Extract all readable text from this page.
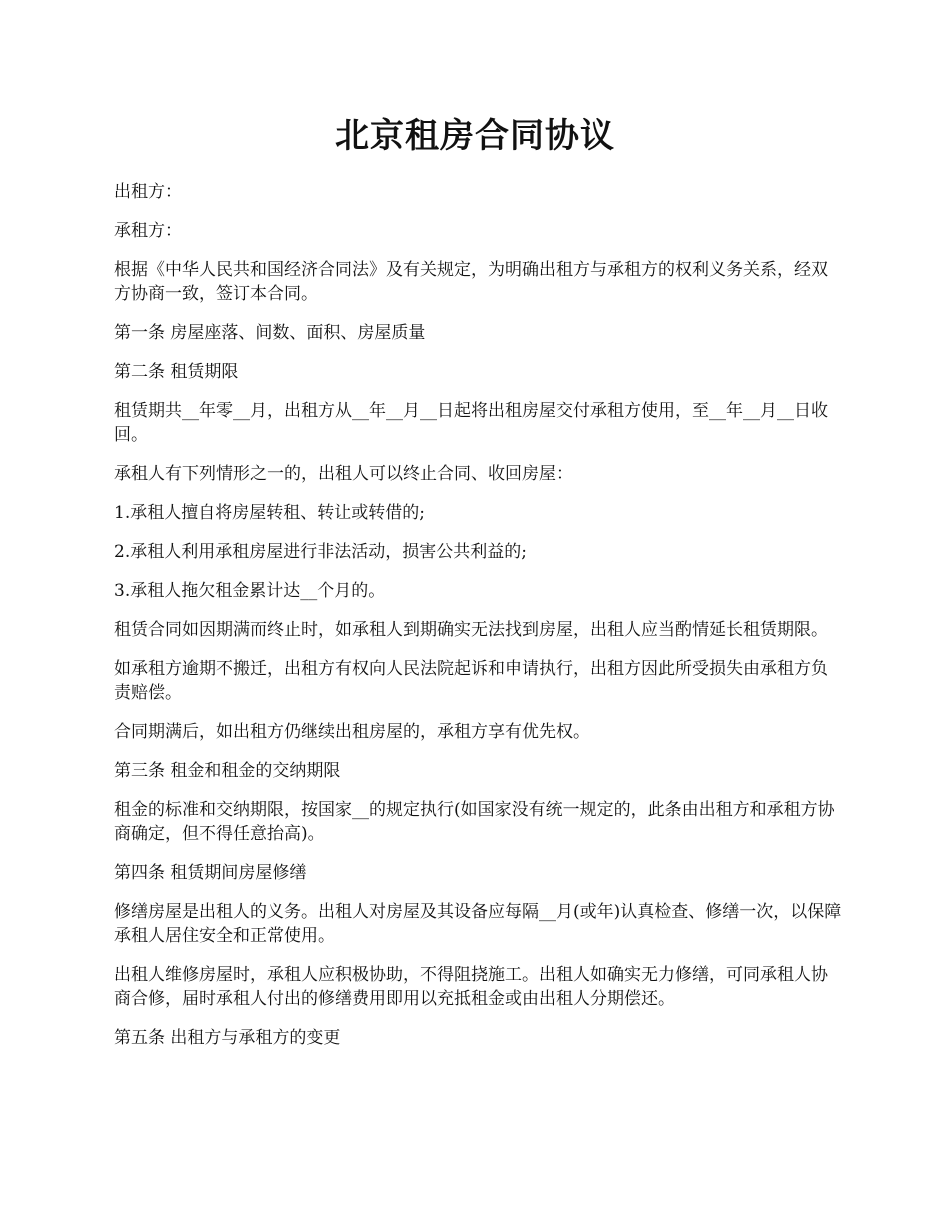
北京租房合同协议

出租方：

承租方：

根据《中华人民共和国经济合同法》及有关规定，为明确出租方与承租方的权利义务关系，经双方协商一致，签订本合同。

第一条 房屋座落、间数、面积、房屋质量

第二条 租赁期限

租赁期共__年零__月，出租方从__年__月__日起将出租房屋交付承租方使用，至__年__月__日收回。

承租人有下列情形之一的，出租人可以终止合同、收回房屋：

1.承租人擅自将房屋转租、转让或转借的;

2.承租人利用承租房屋进行非法活动，损害公共利益的;

3.承租人拖欠租金累计达__个月的。

租赁合同如因期满而终止时，如承租人到期确实无法找到房屋，出租人应当酌情延长租赁期限。

如承租方逾期不搬迁，出租方有权向人民法院起诉和申请执行，出租方因此所受损失由承租方负责赔偿。

合同期满后，如出租方仍继续出租房屋的，承租方享有优先权。

第三条 租金和租金的交纳期限

租金的标准和交纳期限，按国家__的规定执行(如国家没有统一规定的，此条由出租方和承租方协商确定，但不得任意抬高)。

第四条 租赁期间房屋修缮

修缮房屋是出租人的义务。出租人对房屋及其设备应每隔__月(或年)认真检查、修缮一次，以保障承租人居住安全和正常使用。

出租人维修房屋时，承租人应积极协助，不得阻挠施工。出租人如确实无力修缮，可同承租人协商合修，届时承租人付出的修缮费用即用以充抵租金或由出租人分期偿还。

第五条 出租方与承租方的变更
